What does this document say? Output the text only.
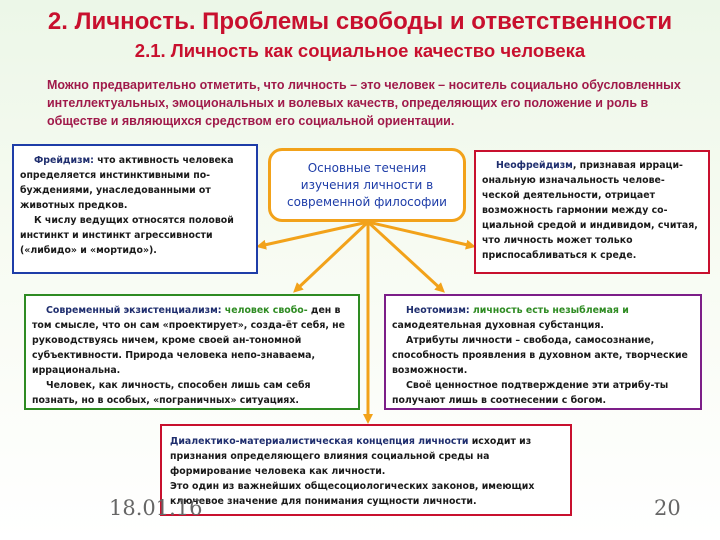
2. Личность. Проблемы свободы и ответственности
2.1. Личность как социальное качество человека
Можно предварительно отметить, что личность – это человек – носитель социально обусловленных интеллектуальных, эмоциональных и волевых качеств, определяющих его положение и роль в обществе и являющихся средством его социальной ориентации.
Основные течения
изучения личности в
современной философии

Фрейдизм: что активность человека определяется инстинктивными по-буждениями, унаследованными от животных предков.

К числу ведущих относятся половой инстинкт и инстинкт агрессивности («либидо» и «мортидо»).

Неофрейдизм, признавая ирраци-ональную изначальность челове-ческой деятельности, отрицает возможность гармонии между со-циальной средой и индивидом, считая, что личность может только приспосабливаться к среде.

Современный экзистенциализм: человек свобо- ден в том смысле, что он сам «проектирует», созда-ёт себя, не руководствуясь ничем, кроме своей ан-тономной субъективности. Природа человека непо-знаваема, иррациональна.

Человек, как личность, способен лишь сам себя познать, но в особых, «пограничных» ситуациях.

Неотомизм: личность есть незыблемая и самодеятельная духовная субстанция.

Атрибуты личности – свобода, самосознание, способность проявления в духовном акте, творческие возможности.

Своё ценностное подтверждение эти атрибу-ты получают лишь в соотнесении с богом.

Диалектико-материалистическая концепция личности исходит из признания определяющего влияния социальной среды на формирование человека как личности.

Это один из важнейших общесоциологических законов, имеющих ключевое значение для понимания сущности личности.

18.01.16	20
